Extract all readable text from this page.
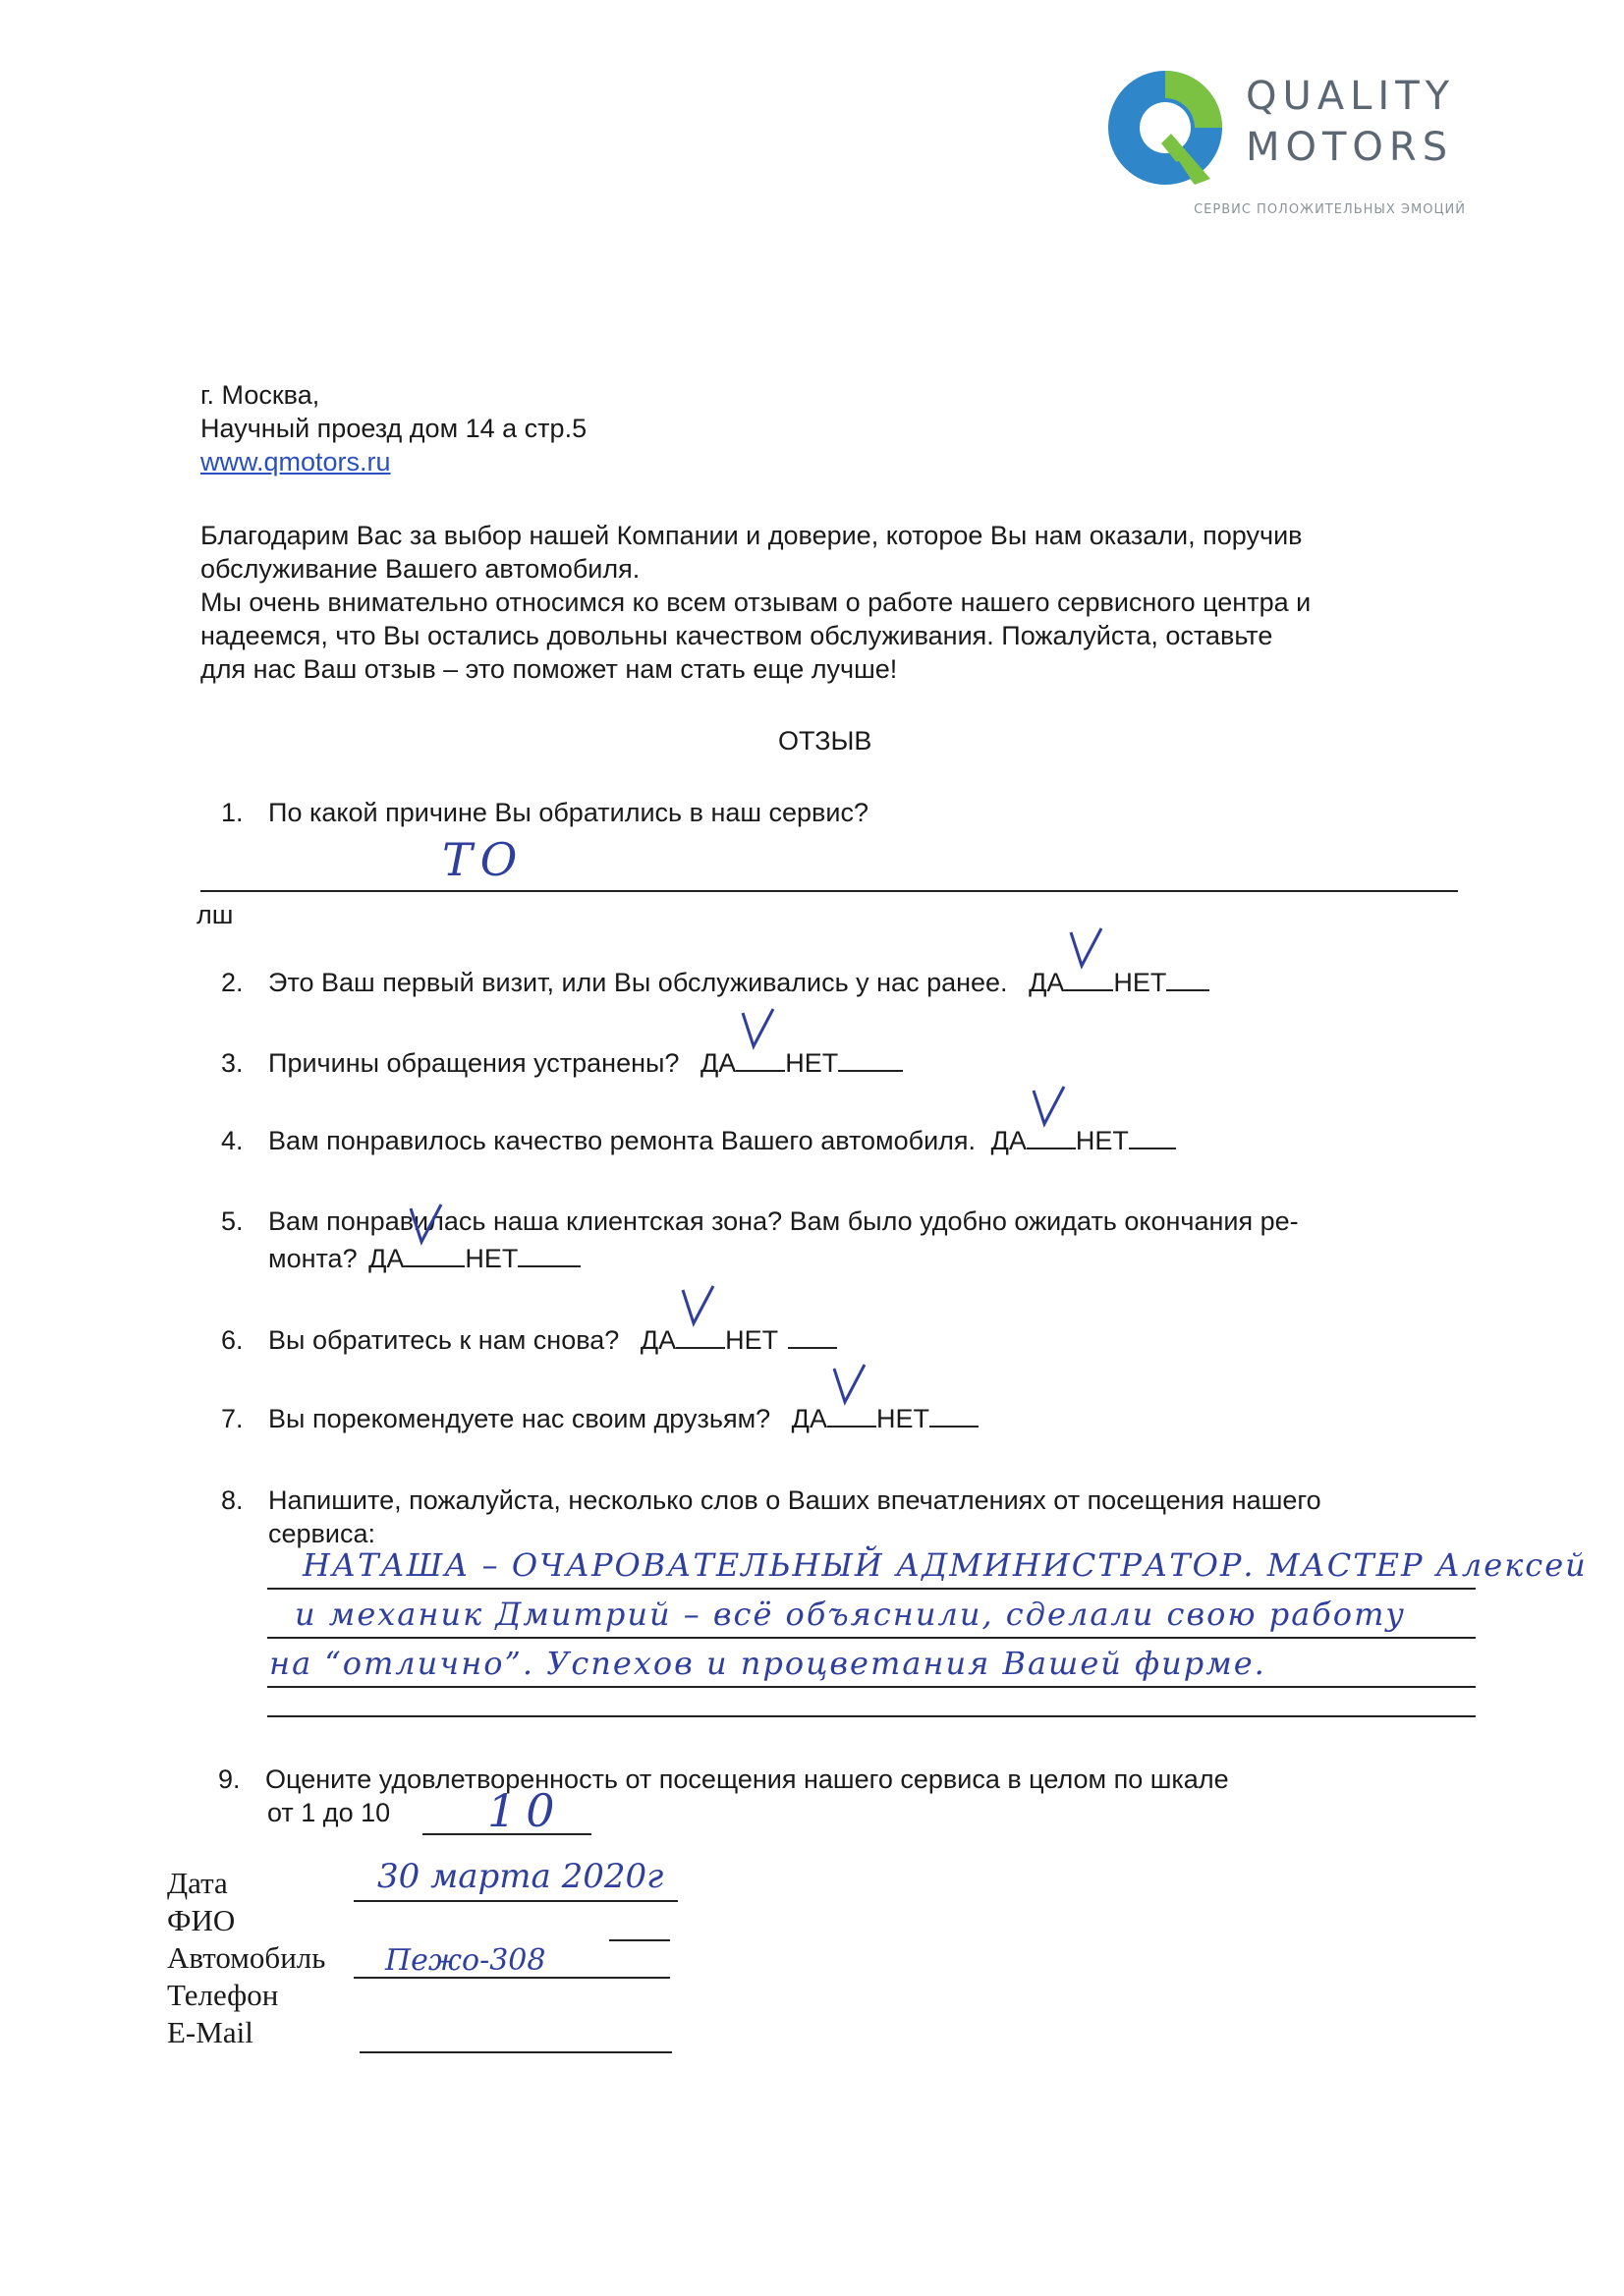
QUALITY
MOTORS
СЕРВИС ПОЛОЖИТЕЛЬНЫХ ЭМОЦИЙ
г. Москва,
Научный проезд дом 14 а стр.5
www.qmotors.ru

Благодарим Вас за выбор нашей Компании и доверие, которое Вы нам оказали, поручив

обслуживание Вашего автомобиля.

Мы очень внимательно относимся ко всем отзывам о работе нашего сервисного центра и

надеемся, что Вы остались довольны качеством обслуживания. Пожалуйста, оставьте

для нас Ваш отзыв – это поможет нам стать еще лучше!

ОТЗЫВ
1. По какой причине Вы обратились в наш сервис?
ТО
лш
2. Это Ваш первый визит, или Вы обслуживались у нас ранее. ДА НЕТ
3. Причины обращения устранены? ДА НЕТ
4. Вам понравилось качество ремонта Вашего автомобиля. ДА НЕТ
5. Вам понравилась наша клиентская зона? Вам было удобно ожидать окончания ре-
монта? ДА НЕТ
6. Вы обратитесь к нам снова? ДА НЕТ
7. Вы порекомендуете нас своим друзьям? ДА НЕТ
8. Напишите, пожалуйста, несколько слов о Ваших впечатлениях от посещения нашего
сервиса:
НАТАША – ОЧАРОВАТЕЛЬНЫЙ АДМИНИСТРАТОР. МАСТЕР Алексей
и механик Дмитрий – всё объяснили, сделали свою работу
на “отлично”. Успехов и процветания Вашей фирме.
9. Оцените удовлетворенность от посещения нашего сервиса в целом по шкале
от 1 до 10	10
Дата
ФИО
Автомобиль
Телефон
E-Mail
30 марта 2020г
Пежо-308
